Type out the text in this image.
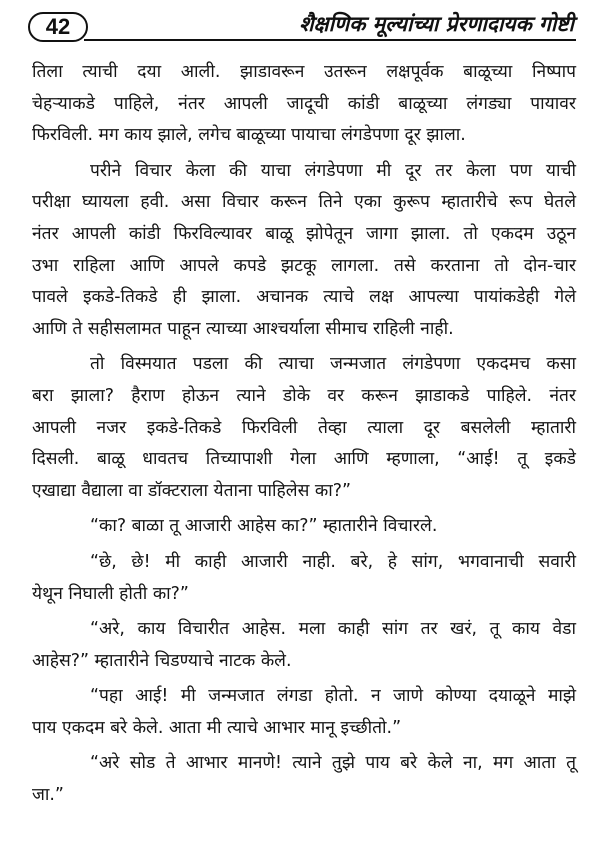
42	शैक्षणिक मूल्यांच्या प्रेरणादायक गोष्टी
तिला त्याची दया आली. झाडावरून उतरून लक्षपूर्वक बाळूच्या निष्पाप
चेहऱ्याकडे पाहिले, नंतर आपली जादूची कांडी बाळूच्या लंगड्या पायावर
फिरविली. मग काय झाले, लगेच बाळूच्या पायाचा लंगडेपणा दूर झाला.
परीने विचार केला की याचा लंगडेपणा मी दूर तर केला पण याची
परीक्षा घ्यायला हवी. असा विचार करून तिने एका कुरूप म्हातारीचे रूप घेतले
नंतर आपली कांडी फिरविल्यावर बाळू झोपेतून जागा झाला. तो एकदम उठून
उभा राहिला आणि आपले कपडे झटकू लागला. तसे करताना तो दोन-चार
पावले इकडे-तिकडे ही झाला. अचानक त्याचे लक्ष आपल्या पायांकडेही गेले
आणि ते सहीसलामत पाहून त्याच्या आश्चर्याला सीमाच राहिली नाही.
तो विस्मयात पडला की त्याचा जन्मजात लंगडेपणा एकदमच कसा
बरा झाला? हैराण होऊन त्याने डोके वर करून झाडाकडे पाहिले. नंतर
आपली नजर इकडे-तिकडे फिरविली तेव्हा त्याला दूर बसलेली म्हातारी
दिसली. बाळू धावतच तिच्यापाशी गेला आणि म्हणाला, “आई! तू इकडे
एखाद्या वैद्याला वा डॉक्टराला येताना पाहिलेस का?”
“का? बाळा तू आजारी आहेस का?” म्हातारीने विचारले.
“छे, छे! मी काही आजारी नाही. बरे, हे सांग, भगवानाची सवारी
येथून निघाली होती का?”
“अरे, काय विचारीत आहेस. मला काही सांग तर खरं, तू काय वेडा
आहेस?” म्हातारीने चिडण्याचे नाटक केले.
“पहा आई! मी जन्मजात लंगडा होतो. न जाणे कोण्या दयाळूने माझे
पाय एकदम बरे केले. आता मी त्याचे आभार मानू इच्छीतो.”
“अरे सोड ते आभार मानणे! त्याने तुझे पाय बरे केले ना, मग आता तू
जा.”
